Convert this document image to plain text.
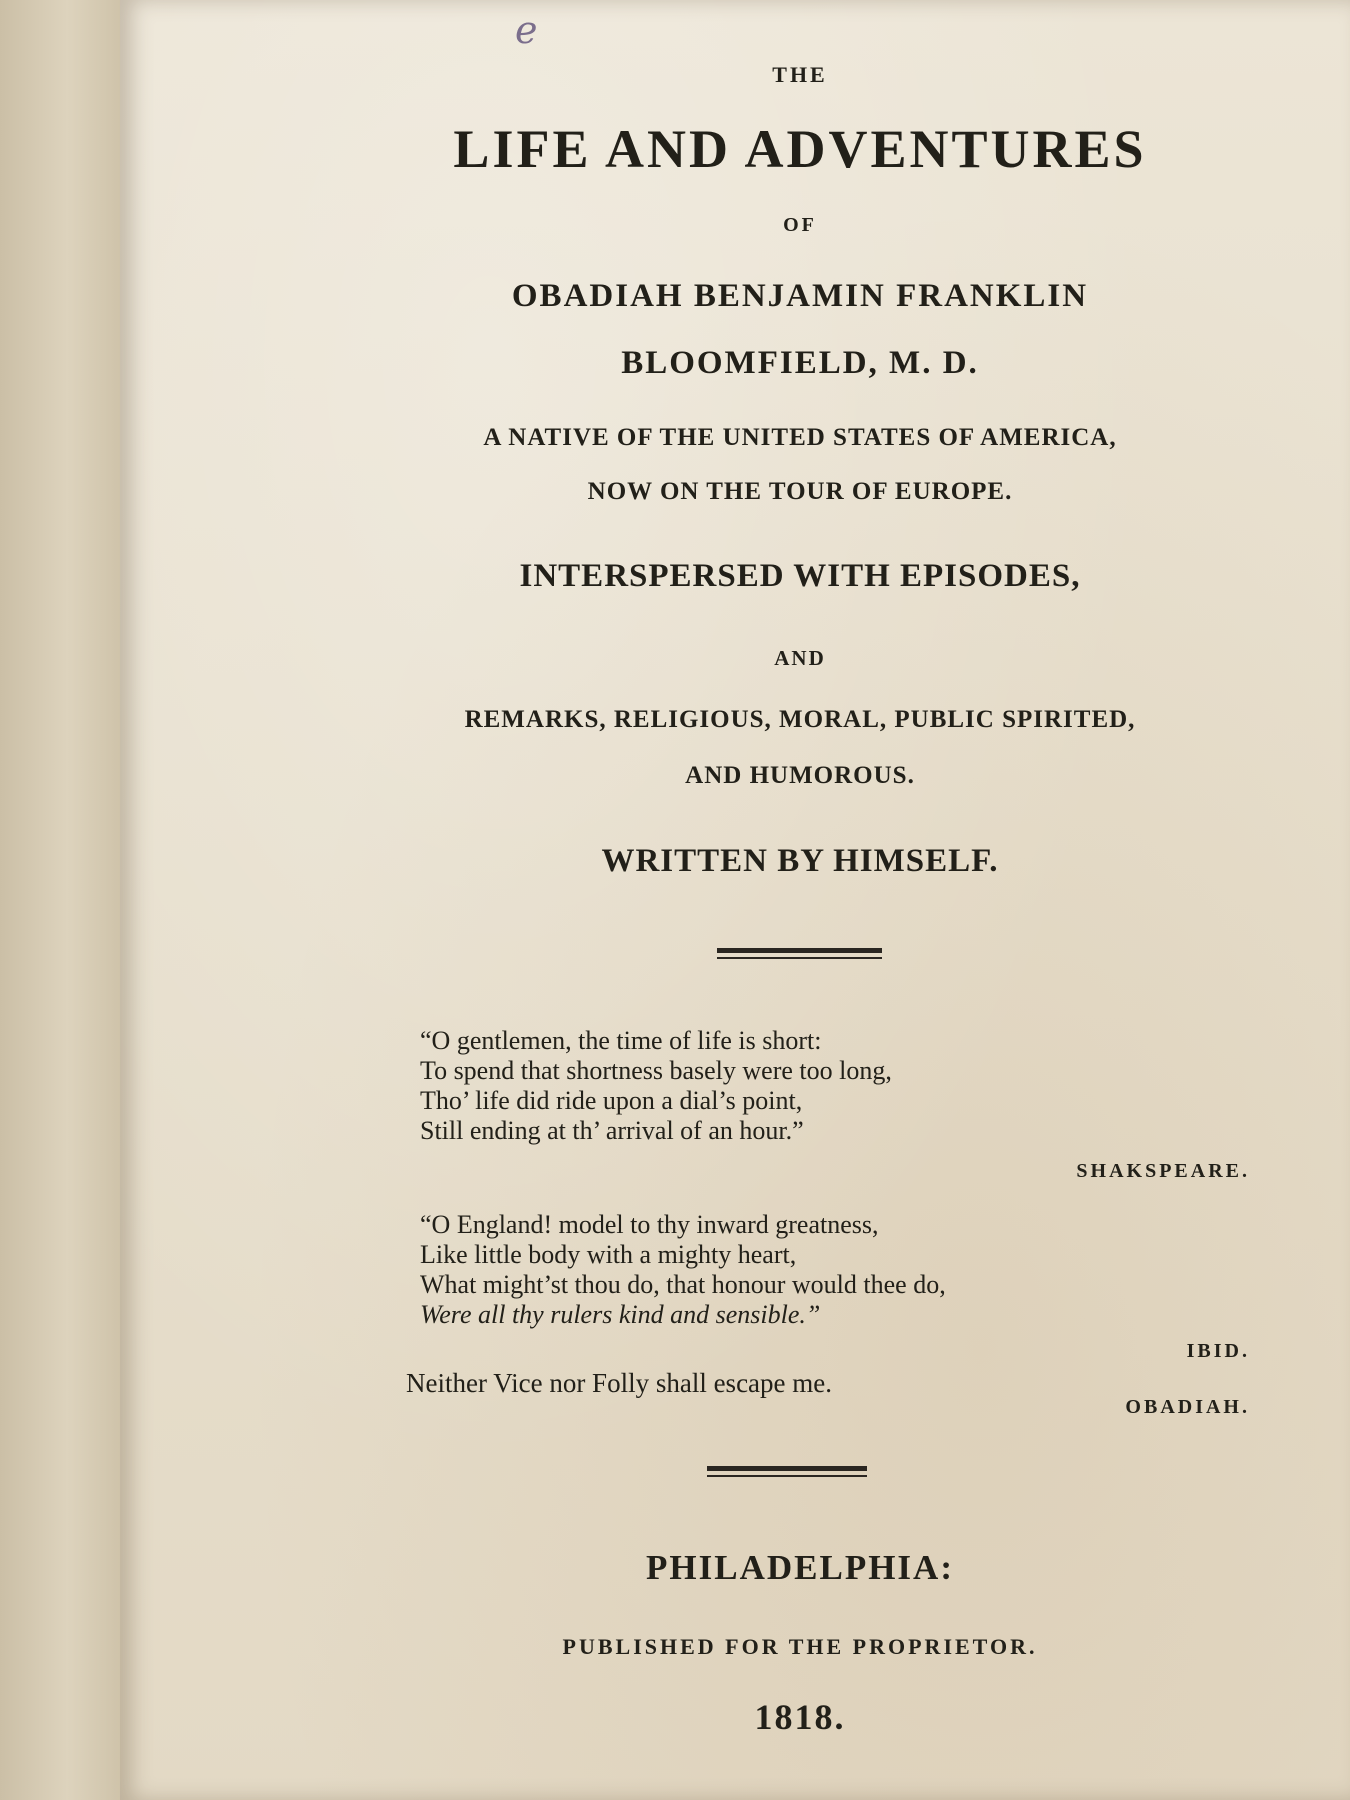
e
THE
LIFE AND ADVENTURES
OF
OBADIAH BENJAMIN FRANKLIN
BLOOMFIELD, M. D.
A NATIVE OF THE UNITED STATES OF AMERICA,
NOW ON THE TOUR OF EUROPE.
INTERSPERSED WITH EPISODES,
AND
REMARKS, RELIGIOUS, MORAL, PUBLIC SPIRITED,
AND HUMOROUS.
WRITTEN BY HIMSELF.
“O gentlemen, the time of life is short:
To spend that shortness basely were too long,
Tho’ life did ride upon a dial’s point,
Still ending at th’ arrival of an hour.”
SHAKSPEARE.
“O England! model to thy inward greatness,
Like little body with a mighty heart,
What might’st thou do, that honour would thee do,
Were all thy rulers kind and sensible.”
IBID.
Neither Vice nor Folly shall escape me.
OBADIAH.
PHILADELPHIA:
PUBLISHED FOR THE PROPRIETOR.
1818.
